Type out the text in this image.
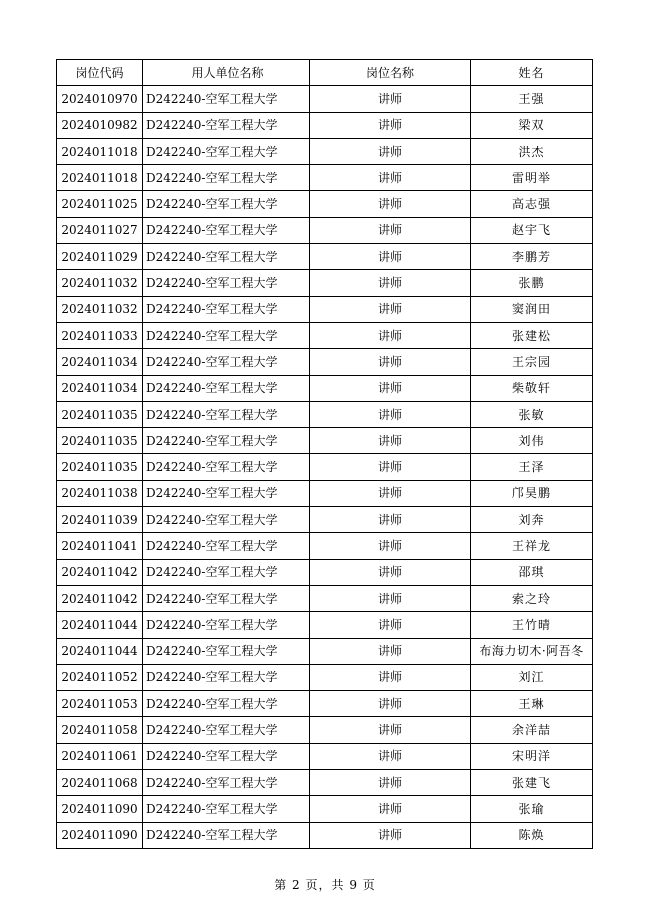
岗位代码	用人单位名称	岗位名称	姓名
2024010970	D242240-空军工程大学	讲师	王强
2024010982	D242240-空军工程大学	讲师	梁双
2024011018	D242240-空军工程大学	讲师	洪杰
2024011018	D242240-空军工程大学	讲师	雷明举
2024011025	D242240-空军工程大学	讲师	高志强
2024011027	D242240-空军工程大学	讲师	赵宇飞
2024011029	D242240-空军工程大学	讲师	李鹏芳
2024011032	D242240-空军工程大学	讲师	张鹏
2024011032	D242240-空军工程大学	讲师	窦润田
2024011033	D242240-空军工程大学	讲师	张建松
2024011034	D242240-空军工程大学	讲师	王宗园
2024011034	D242240-空军工程大学	讲师	柴敬轩
2024011035	D242240-空军工程大学	讲师	张敏
2024011035	D242240-空军工程大学	讲师	刘伟
2024011035	D242240-空军工程大学	讲师	王泽
2024011038	D242240-空军工程大学	讲师	邝昊鹏
2024011039	D242240-空军工程大学	讲师	刘奔
2024011041	D242240-空军工程大学	讲师	王祥龙
2024011042	D242240-空军工程大学	讲师	邵琪
2024011042	D242240-空军工程大学	讲师	索之玲
2024011044	D242240-空军工程大学	讲师	王竹晴
2024011044	D242240-空军工程大学	讲师	布海力切木·阿吾冬
2024011052	D242240-空军工程大学	讲师	刘江
2024011053	D242240-空军工程大学	讲师	王琳
2024011058	D242240-空军工程大学	讲师	余洋喆
2024011061	D242240-空军工程大学	讲师	宋明洋
2024011068	D242240-空军工程大学	讲师	张建飞
2024011090	D242240-空军工程大学	讲师	张瑜
2024011090	D242240-空军工程大学	讲师	陈焕
第 2 页，共 9 页
